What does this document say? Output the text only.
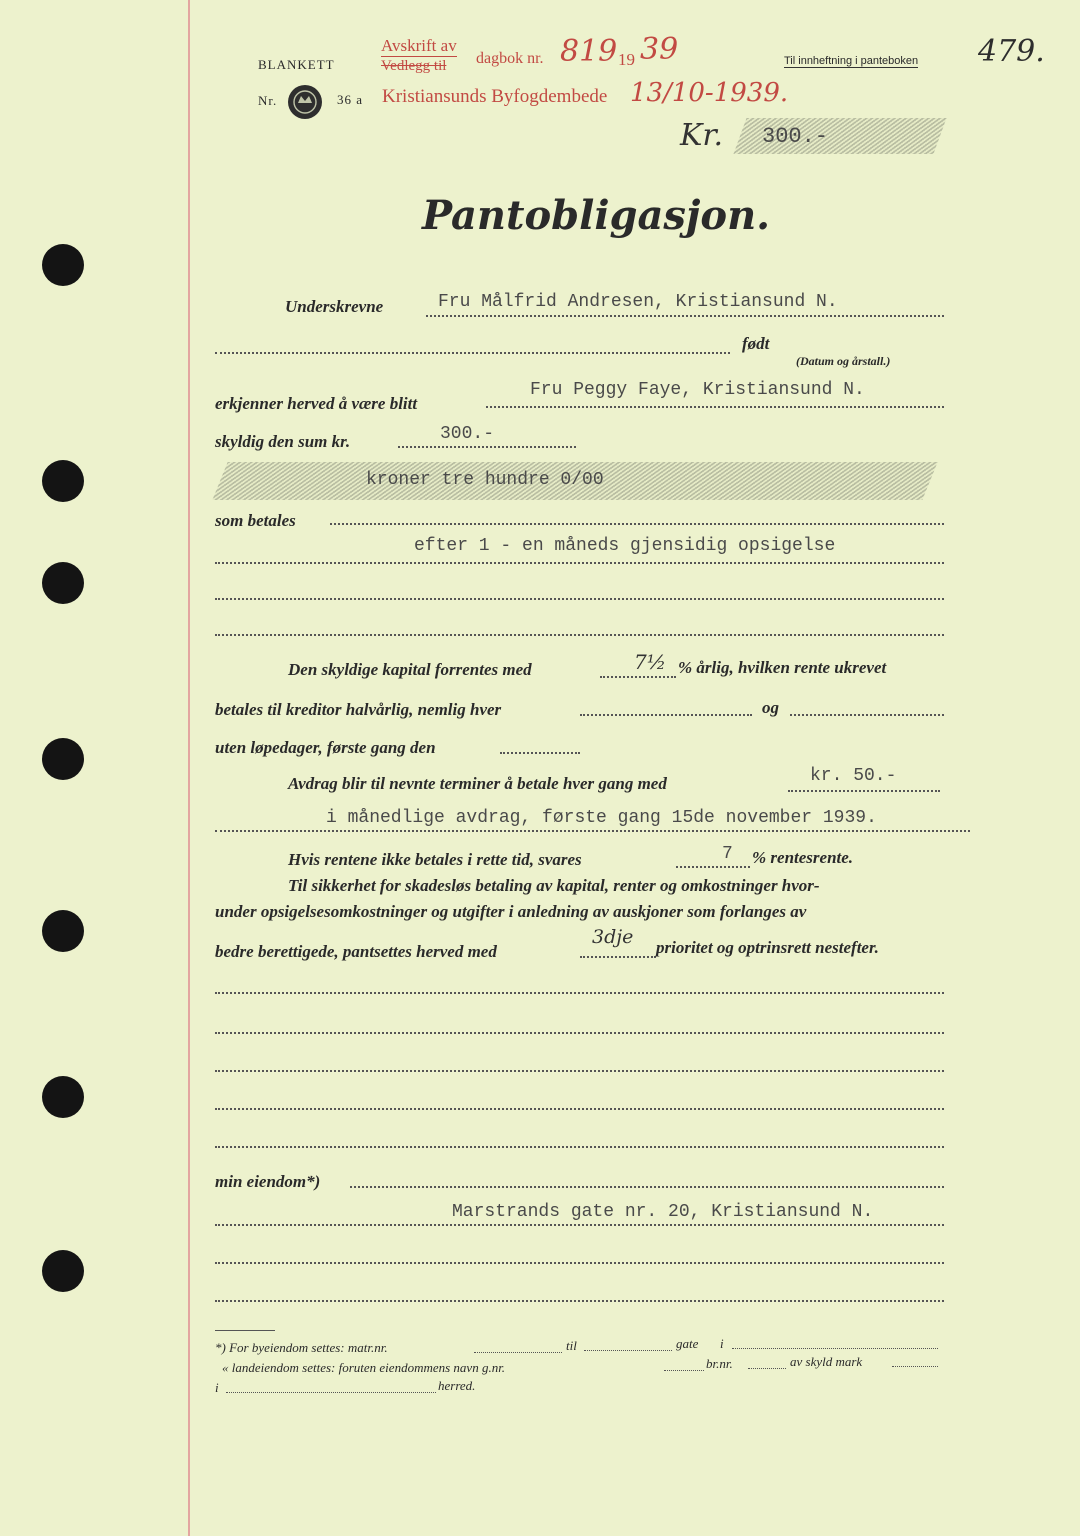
BLANKETT
Avskrift av
Vedlegg til dagbok nr. 819 19 39	Til innheftning i panteboken 479.
Nr.	36 a Kristiansunds Byfogdembede 13/10-1939.
Kr. 300.-
Pantobligasjon.
Underskrevne	Fru Målfrid Andresen, Kristiansund N.
født
(Datum og årstall.)
erkjenner herved å være blitt
Fru Peggy Faye, Kristiansund N.
skyldig den sum kr.	300.-
kroner tre hundre 0/00
som betales
efter 1 - en måneds gjensidig opsigelse
Den skyldige kapital forrentes med	7½ % årlig, hvilken rente ukrevet
betales til kreditor halvårlig, nemlig hver	og
uten løpedager, første gang den
Avdrag blir til nevnte terminer å betale hver gang med	kr. 50.-
i månedlige avdrag, første gang 15de november 1939.
Hvis rentene ikke betales i rette tid, svares	7 % rentesrente.
Til sikkerhet for skadesløs betaling av kapital, renter og omkostninger hvor-
under opsigelsesomkostninger og utgifter i anledning av auskjoner som forlanges av
bedre berettigede, pantsettes herved med
3dje prioritet og optrinsrett nestefter.
min eiendom*)
Marstrands gate nr. 20, Kristiansund N.
*) For byeiendom settes: matr.nr.	til	gate i
« landeiendom settes: foruten eiendommens navn g.nr.	br.nr.	av skyld mark
i	herred.
